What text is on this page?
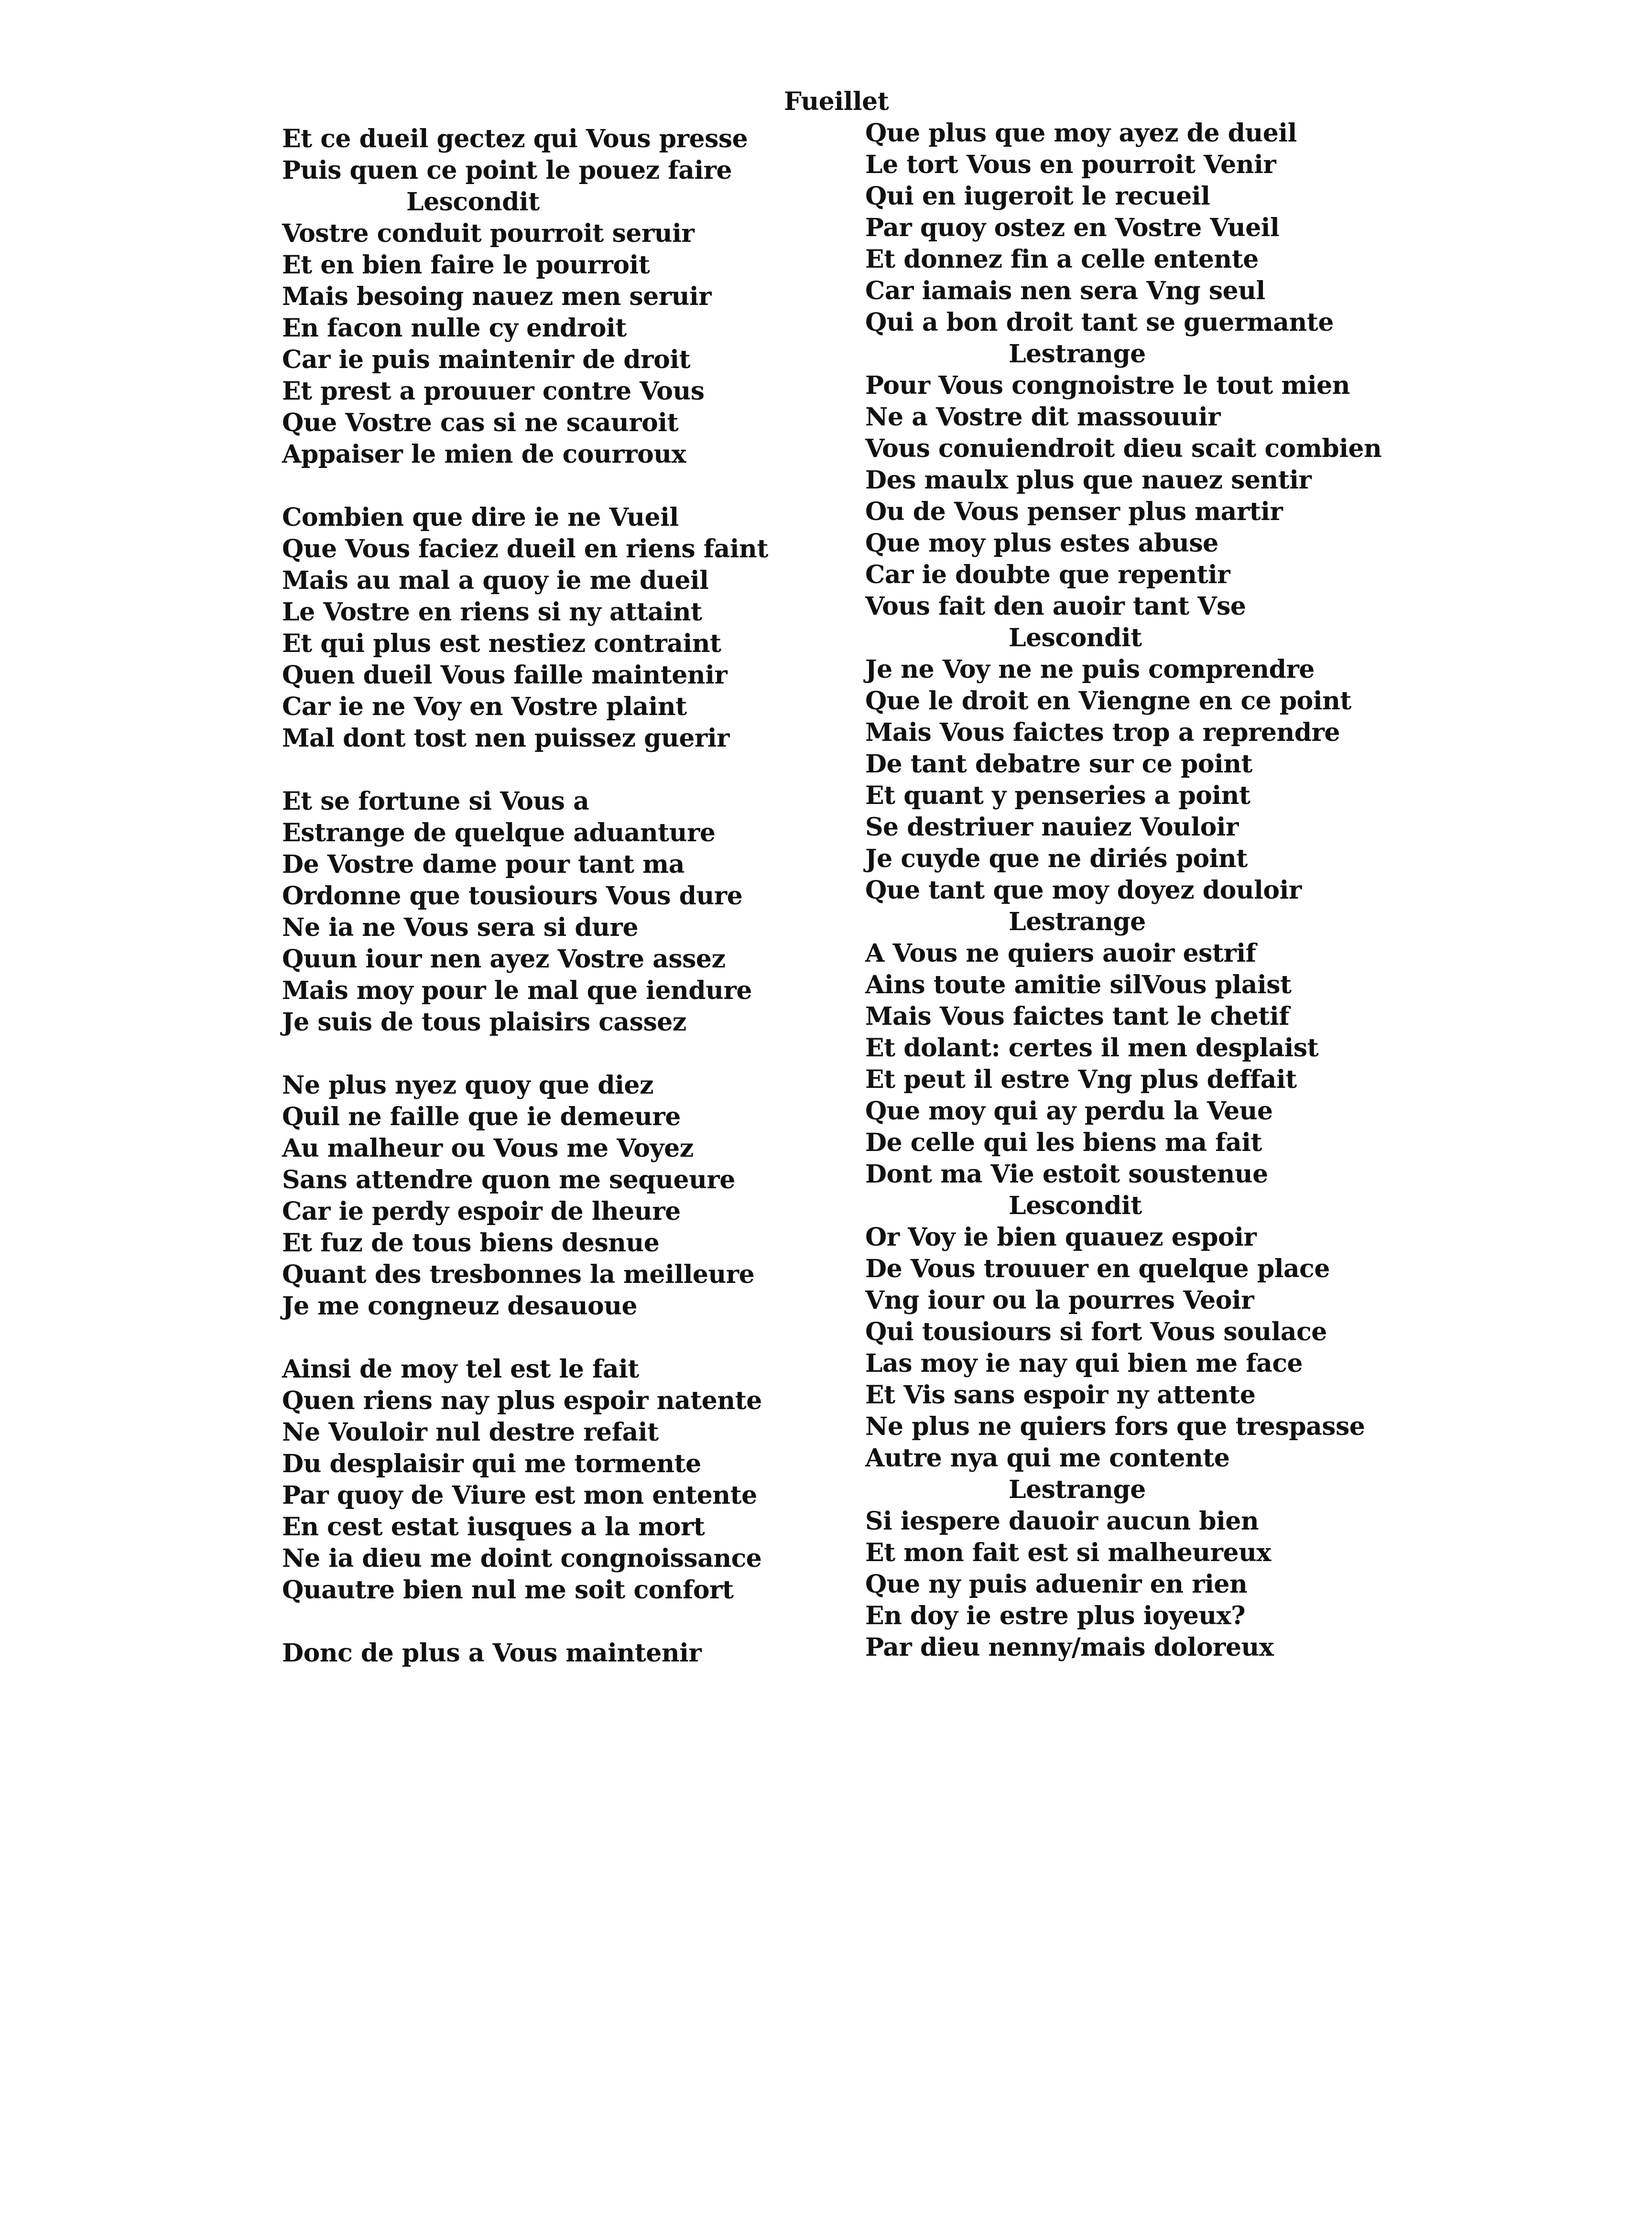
Et ce dueil gectez qui Vous presse
Puis quen ce point le pouez faire
Lescondit
Vostre conduit pourroit seruir
Et en bien faire le pourroit
Mais besoing nauez men seruir
En facon nulle cy endroit
Car ie puis maintenir de droit
Et prest a prouuer contre Vous
Que Vostre cas si ne scauroit
Appaiser le mien de courroux
Combien que dire ie ne Vueil
Que Vous faciez dueil en riens faint
Mais au mal a quoy ie me dueil
Le Vostre en riens si ny attaint
Et qui plus est nestiez contraint
Quen dueil Vous faille maintenir
Car ie ne Voy en Vostre plaint
Mal dont tost nen puissez guerir
Et se fortune si Vous a
Estrange de quelque aduanture
De Vostre dame pour tant ma
Ordonne que tousiours Vous dure
Ne ia ne Vous sera si dure
Quun iour nen ayez Vostre assez
Mais moy pour le mal que iendure
Je suis de tous plaisirs cassez
Ne plus nyez quoy que diez
Quil ne faille que ie demeure
Au malheur ou Vous me Voyez
Sans attendre quon me sequeure
Car ie perdy espoir de lheure
Et fuz de tous biens desnue
Quant des tresbonnes la meilleure
Je me congneuz desauoue
Ainsi de moy tel est le fait
Quen riens nay plus espoir natente
Ne Vouloir nul destre refait
Du desplaisir qui me tormente
Par quoy de Viure est mon entente
En cest estat iusques a la mort
Ne ia dieu me doint congnoissance
Quautre bien nul me soit confort
Donc de plus a Vous maintenir
Fueillet
Que plus que moy ayez de dueil
Le tort Vous en pourroit Venir
Qui en iugeroit le recueil
Par quoy ostez en Vostre Vueil
Et donnez fin a celle entente
Car iamais nen sera Vng seul
Qui a bon droit tant se guermante
Lestrange
Pour Vous congnoistre le tout mien
Ne a Vostre dit massouuir
Vous conuiendroit dieu scait combien
Des maulx plus que nauez sentir
Ou de Vous penser plus martir
Que moy plus estes abuse
Car ie doubte que repentir
Vous fait den auoir tant Vse
Lescondit
Je ne Voy ne ne puis comprendre
Que le droit en Viengne en ce point
Mais Vous faictes trop a reprendre
De tant debatre sur ce point
Et quant y penseries a point
Se destriuer nauiez Vouloir
Je cuyde que ne diriés point
Que tant que moy doyez douloir
Lestrange
A Vous ne quiers auoir estrif
Ains toute amitie silVous plaist
Mais Vous faictes tant le chetif
Et dolant: certes il men desplaist
Et peut il estre Vng plus deffait
Que moy qui ay perdu la Veue
De celle qui les biens ma fait
Dont ma Vie estoit soustenue
Lescondit
Or Voy ie bien quauez espoir
De Vous trouuer en quelque place
Vng iour ou la pourres Veoir
Qui tousiours si fort Vous soulace
Las moy ie nay qui bien me face
Et Vis sans espoir ny attente
Ne plus ne quiers fors que trespasse
Autre nya qui me contente
Lestrange
Si iespere dauoir aucun bien
Et mon fait est si malheureux
Que ny puis aduenir en rien
En doy ie estre plus ioyeux?
Par dieu nenny/mais doloreux
